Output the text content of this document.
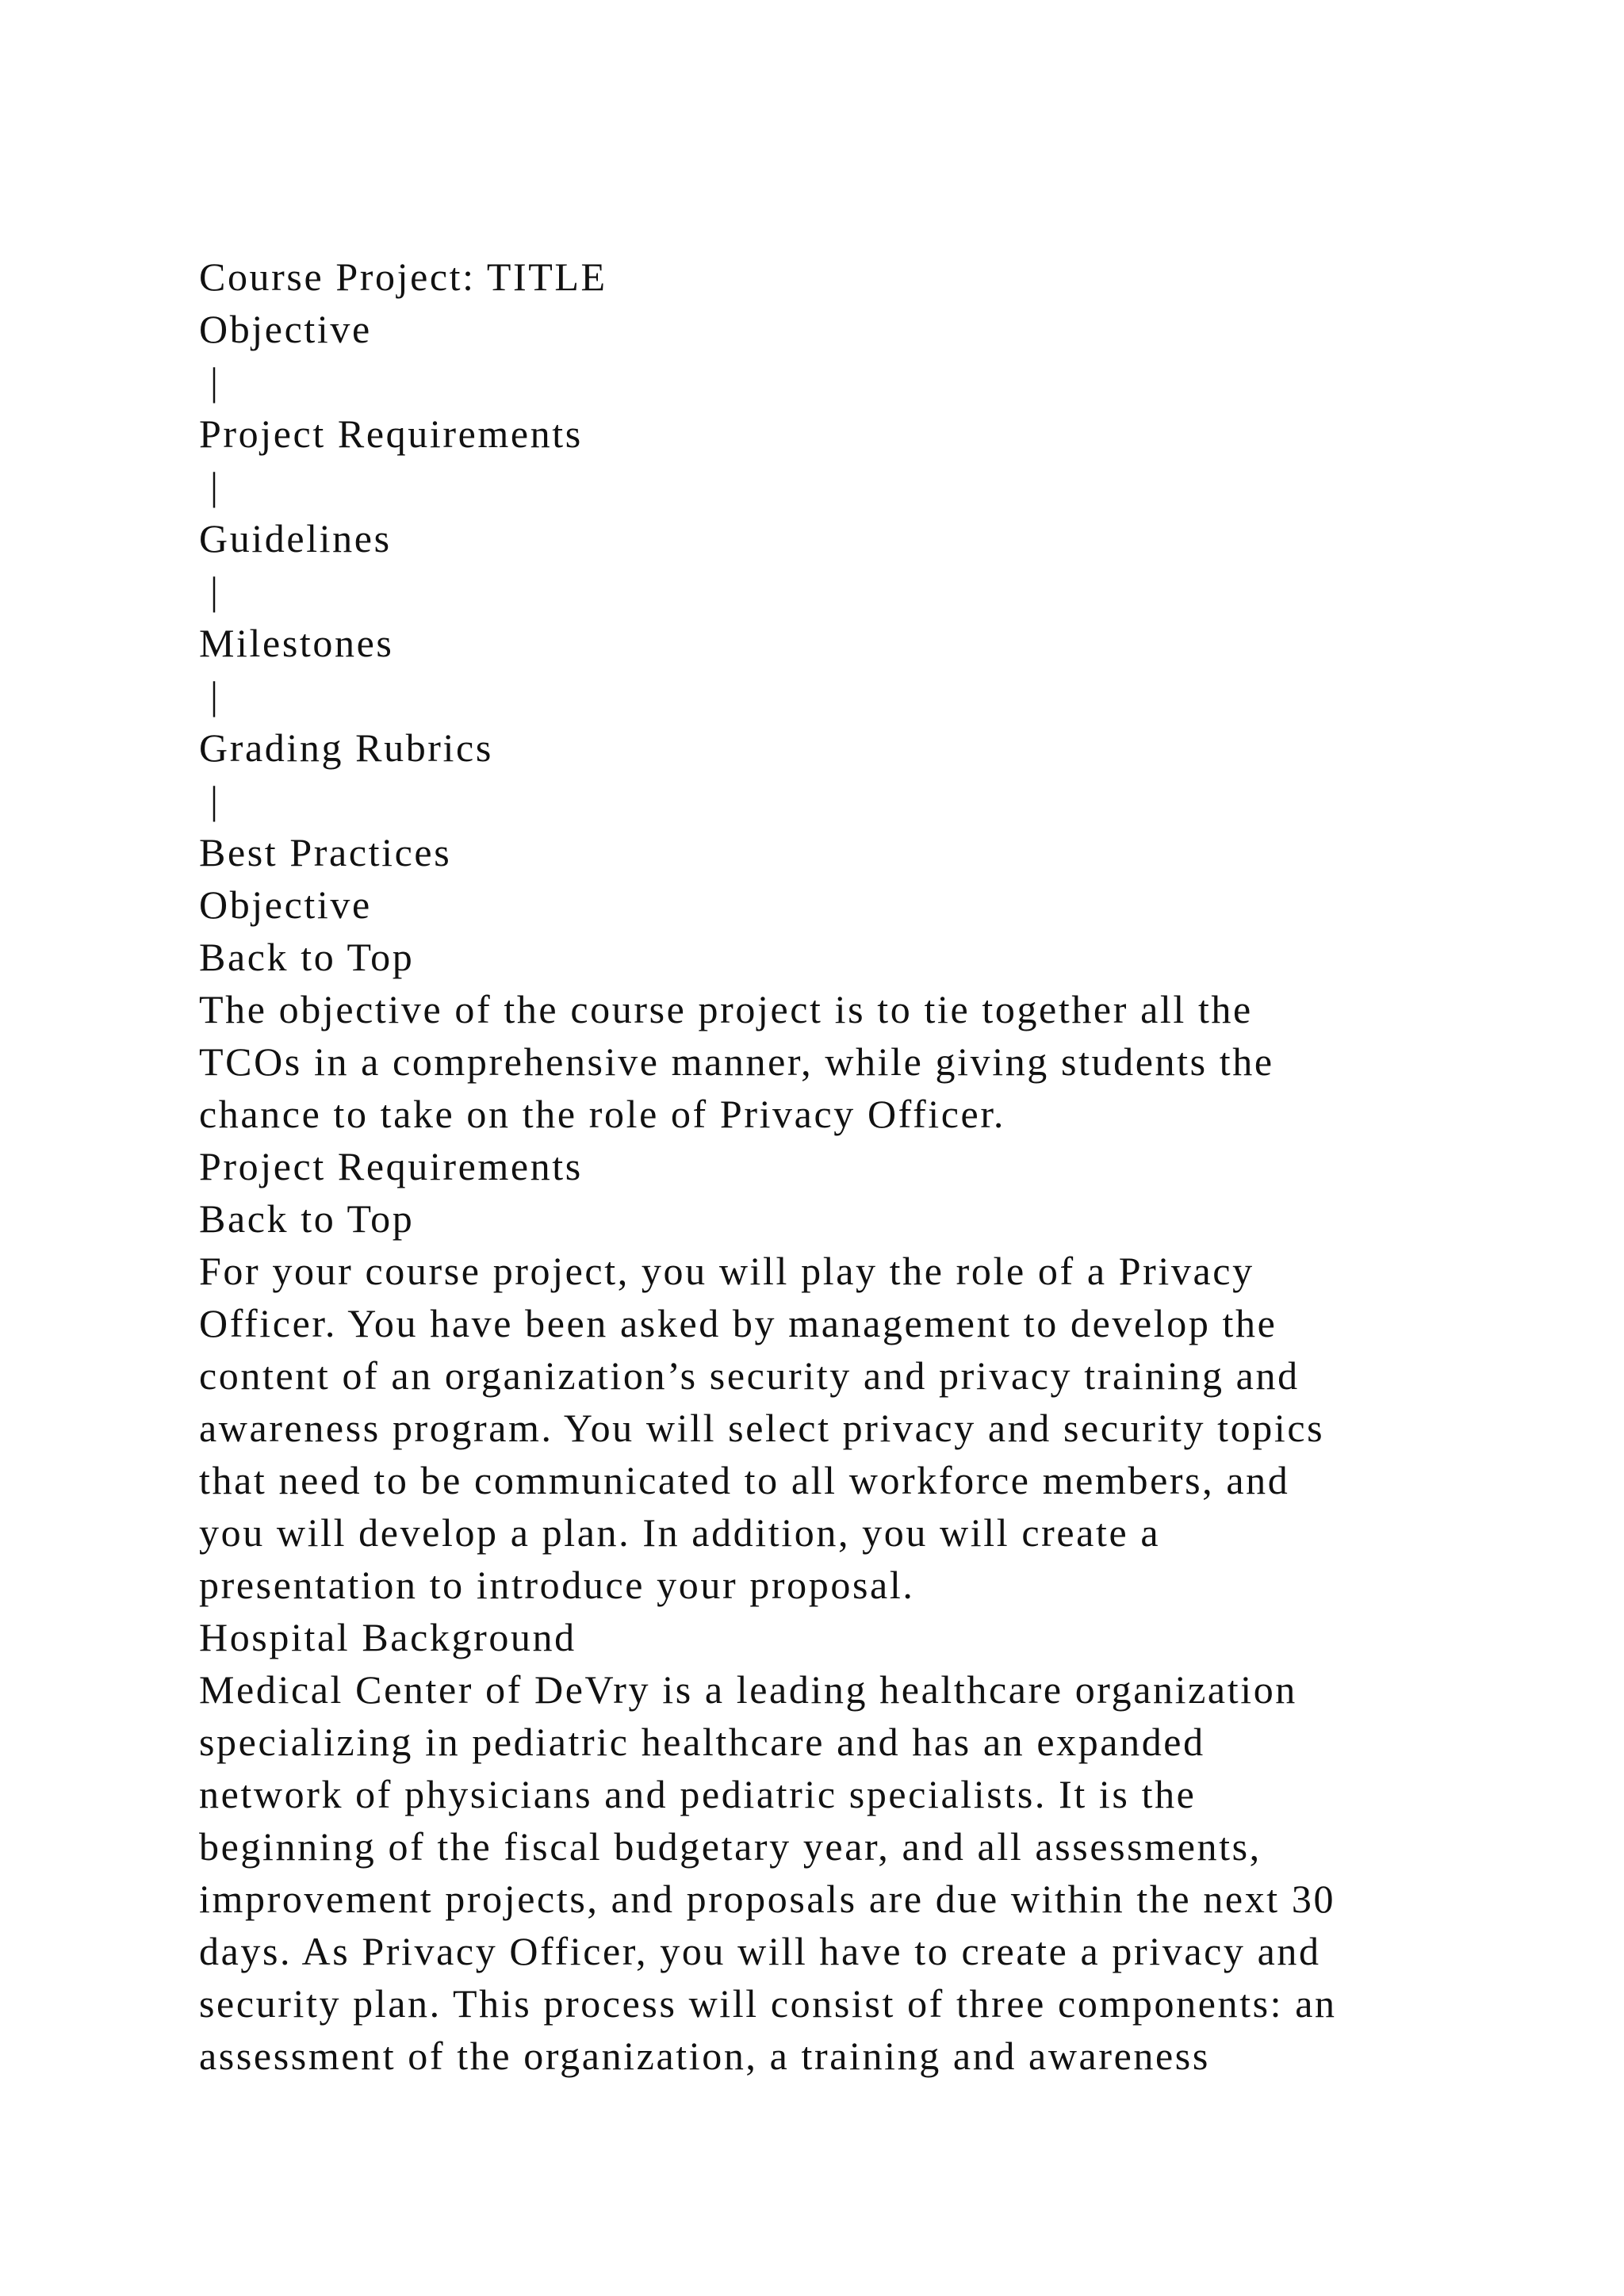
Course Project: TITLE
Objective
|
Project Requirements
|
Guidelines
|
Milestones
|
Grading Rubrics
|
Best Practices
Objective
Back to Top
The objective of the course project is to tie together all the
TCOs in a comprehensive manner, while giving students the
chance to take on the role of Privacy Officer.
Project Requirements
Back to Top
For your course project, you will play the role of a Privacy
Officer. You have been asked by management to develop the
content of an organization’s security and privacy training and
awareness program. You will select privacy and security topics
that need to be communicated to all workforce members, and
you will develop a plan. In addition, you will create a
presentation to introduce your proposal.
Hospital Background
Medical Center of DeVry is a leading healthcare organization
specializing in pediatric healthcare and has an expanded
network of physicians and pediatric specialists. It is the
beginning of the fiscal budgetary year, and all assessments,
improvement projects, and proposals are due within the next 30
days. As Privacy Officer, you will have to create a privacy and
security plan. This process will consist of three components: an
assessment of the organization, a training and awareness
